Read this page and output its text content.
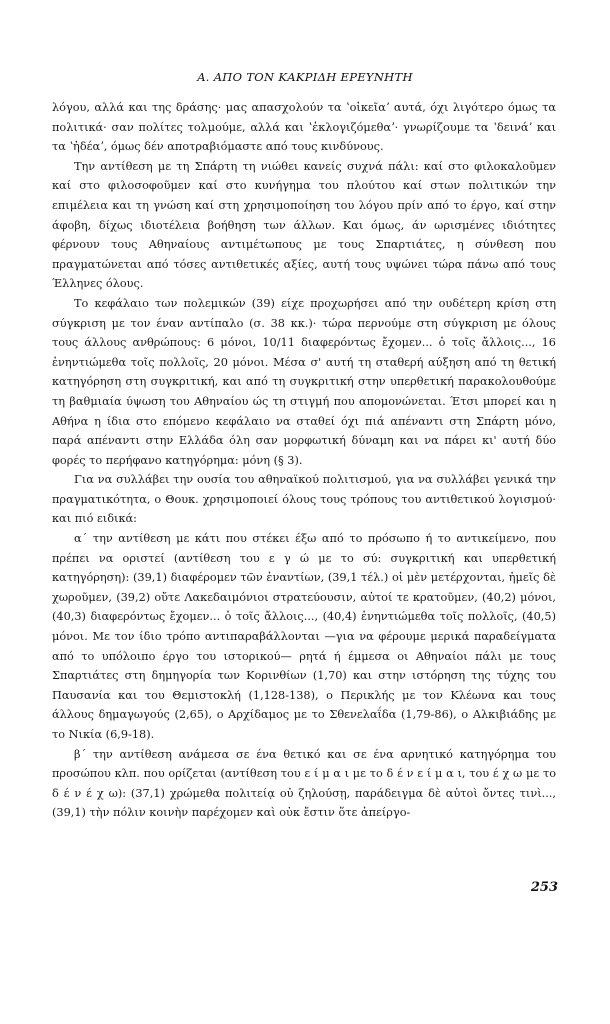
Α. ΑΠΟ ΤΟΝ ΚΑΚΡΙΔΗ ΕΡΕΥΝΗΤΗ

λόγου, αλλά και της δράσης· μας απασχολούν τα ʽοἰκεῖαʼ αυτά, όχι λιγότερο όμως τα πολιτικά· σαν πολίτες τολμούμε, αλλά και ʽἐκλογιζόμεθαʼ· γνωρίζουμε τα ʽδεινάʼ και τα ʽἡδέαʼ, όμως δέν αποτραβιόμαστε από τους κινδύνους.

Την αντίθεση με τη Σπάρτη τη νιώθει κανείς συχνά πάλι: καί στο φιλοκαλοῦμεν καί στο φιλοσοφοῦμεν καί στο κυνήγημα του πλούτου καί στων πολιτικών την επιμέλεια και τη γνώση καί στη χρησιμοποίηση του λόγου πρίν από το έργο, καί στην άφοβη, δίχως ιδιοτέλεια βοήθηση των άλλων. Και όμως, άν ωρισμένες ιδιότητες φέρνουν τους Αθηναίους αντιμέτωπους με τους Σπαρτιάτες, η σύνθεση που πραγματώνεται από τόσες αντιθετικές αξίες, αυτή τους υψώνει τώρα πάνω από τους Έλληνες όλους.

Το κεφάλαιο των πολεμικών (39) είχε προχωρήσει από την ουδέτερη κρίση στη σύγκριση με τον έναν αντίπαλο (σ. 38 κκ.)· τώρα περνούμε στη σύγκριση με όλους τους άλλους ανθρώπους: 6 μόνοι, 10/11 διαφερόντως ἔχομεν... ὁ τοῖς ἄλλοις..., 16 ἐνηντιώμεθα τοῖς πολλοῖς, 20 μόνοι. Μέσα σ' αυτή τη σταθερή αύξηση από τη θετική κατηγόρηση στη συγκριτική, και από τη συγκριτική στην υπερθετική παρακολουθούμε τη βαθμιαία ύψωση του Αθηναίου ώς τη στιγμή που απομονώνεται. Έτσι μπορεί και η Αθήνα η ίδια στο επόμενο κεφάλαιο να σταθεί όχι πιά απέναντι στη Σπάρτη μόνο, παρά απέναντι στην Ελλάδα όλη σαν μορφωτική δύναμη και να πάρει κι' αυτή δύο φορές το περήφανο κατηγόρημα: μόνη (§ 3).

Για να συλλάβει την ουσία του αθηναϊκού πολιτισμού, για να συλλάβει γενικά την πραγματικότητα, ο Θουκ. χρησιμοποιεί όλους τους τρόπους του αντιθετικού λογισμού· και πιό ειδικά:

α´ την αντίθεση με κάτι που στέκει έξω από το πρόσωπο ή το αντικείμενο, που πρέπει να οριστεί (αντίθεση του ε γ ώ με το σύ: συγκριτική και υπερθετική κατηγόρηση): (39,1) διαφέρομεν τῶν ἐναντίων, (39,1 τέλ.) οἱ μὲν μετέρχονται, ἡμεῖς δὲ χωροῦμεν, (39,2) οὔτε Λακεδαιμόνιοι στρατεύουσιν, αὐτοί τε κρατοῦμεν, (40,2) μόνοι, (40,3) διαφερόντως ἔχομεν... ὁ τοῖς ἄλλοις..., (40,4) ἐνηντιώμεθα τοῖς πολλοῖς, (40,5) μόνοι. Με τον ίδιο τρόπο αντιπαραβάλλονται —για να φέρουμε μερικά παραδείγματα από το υπόλοιπο έργο του ιστορικού— ρητά ή έμμεσα οι Αθηναίοι πάλι με τους Σπαρτιάτες στη δημηγορία των Κορινθίων (1,70) και στην ιστόρηση της τύχης του Παυσανία και του Θεμιστοκλή (1,128-138), ο Περικλής με τον Κλέωνα και τους άλλους δημαγωγούς (2,65), ο Αρχίδαμος με το Σθενελαΐδα (1,79-86), ο Αλκιβιάδης με το Νικία (6,9-18).

β´ την αντίθεση ανάμεσα σε ένα θετικό και σε ένα αρνητικό κατηγόρημα του προσώπου κλπ. που ορίζεται (αντίθεση του ε ί μ α ι με το δ έ ν ε ί μ α ι, του έ χ ω με το δ έ ν έ χ ω): (37,1) χρώμεθα πολιτείᾳ οὐ ζηλούσῃ, παράδειγμα δὲ αὐτοὶ ὄντες τινὶ..., (39,1) τὴν πόλιν κοινὴν παρέχομεν καὶ οὐκ ἔστιν ὅτε ἀπείργο-

253
